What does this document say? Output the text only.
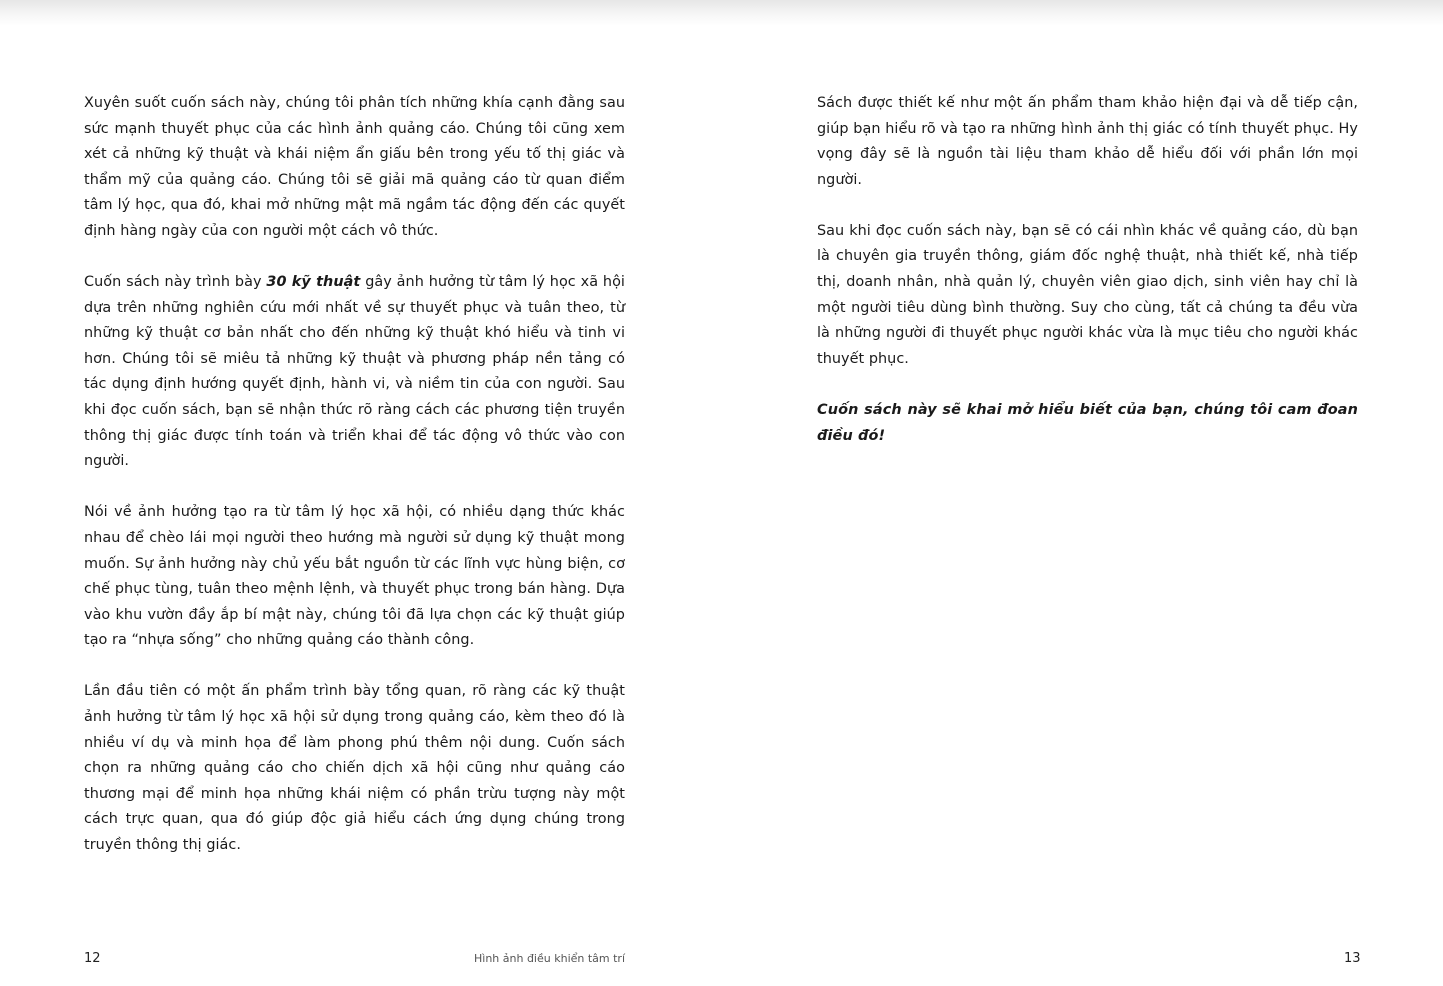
Xuyên suốt cuốn sách này, chúng tôi phân tích những khía cạnh đằng sau sức mạnh thuyết phục của các hình ảnh quảng cáo. Chúng tôi cũng xem xét cả những kỹ thuật và khái niệm ẩn giấu bên trong yếu tố thị giác và thẩm mỹ của quảng cáo. Chúng tôi sẽ giải mã quảng cáo từ quan điểm tâm lý học, qua đó, khai mở những mật mã ngầm tác động đến các quyết định hàng ngày của con người một cách vô thức.

Cuốn sách này trình bày 30 kỹ thuật gây ảnh hưởng từ tâm lý học xã hội dựa trên những nghiên cứu mới nhất về sự thuyết phục và tuân theo, từ những kỹ thuật cơ bản nhất cho đến những kỹ thuật khó hiểu và tinh vi hơn. Chúng tôi sẽ miêu tả những kỹ thuật và phương pháp nền tảng có tác dụng định hướng quyết định, hành vi, và niềm tin của con người. Sau khi đọc cuốn sách, bạn sẽ nhận thức rõ ràng cách các phương tiện truyền thông thị giác được tính toán và triển khai để tác động vô thức vào con người.

Nói về ảnh hưởng tạo ra từ tâm lý học xã hội, có nhiều dạng thức khác nhau để chèo lái mọi người theo hướng mà người sử dụng kỹ thuật mong muốn. Sự ảnh hưởng này chủ yếu bắt nguồn từ các lĩnh vực hùng biện, cơ chế phục tùng, tuân theo mệnh lệnh, và thuyết phục trong bán hàng. Dựa vào khu vườn đầy ắp bí mật này, chúng tôi đã lựa chọn các kỹ thuật giúp tạo ra “nhựa sống” cho những quảng cáo thành công.

Lần đầu tiên có một ấn phẩm trình bày tổng quan, rõ ràng các kỹ thuật ảnh hưởng từ tâm lý học xã hội sử dụng trong quảng cáo, kèm theo đó là nhiều ví dụ và minh họa để làm phong phú thêm nội dung. Cuốn sách chọn ra những quảng cáo cho chiến dịch xã hội cũng như quảng cáo thương mại để minh họa những khái niệm có phần trừu tượng này một cách trực quan, qua đó giúp độc giả hiểu cách ứng dụng chúng trong truyền thông thị giác.

12	Hình ảnh điều khiển tâm trí

Sách được thiết kế như một ấn phẩm tham khảo hiện đại và dễ tiếp cận, giúp bạn hiểu rõ và tạo ra những hình ảnh thị giác có tính thuyết phục. Hy vọng đây sẽ là nguồn tài liệu tham khảo dễ hiểu đối với phần lớn mọi người.

Sau khi đọc cuốn sách này, bạn sẽ có cái nhìn khác về quảng cáo, dù bạn là chuyên gia truyền thông, giám đốc nghệ thuật, nhà thiết kế, nhà tiếp thị, doanh nhân, nhà quản lý, chuyên viên giao dịch, sinh viên hay chỉ là một người tiêu dùng bình thường. Suy cho cùng, tất cả chúng ta đều vừa là những người đi thuyết phục người khác vừa là mục tiêu cho người khác thuyết phục.

Cuốn sách này sẽ khai mở hiểu biết của bạn, chúng tôi cam đoan điều đó!

13
